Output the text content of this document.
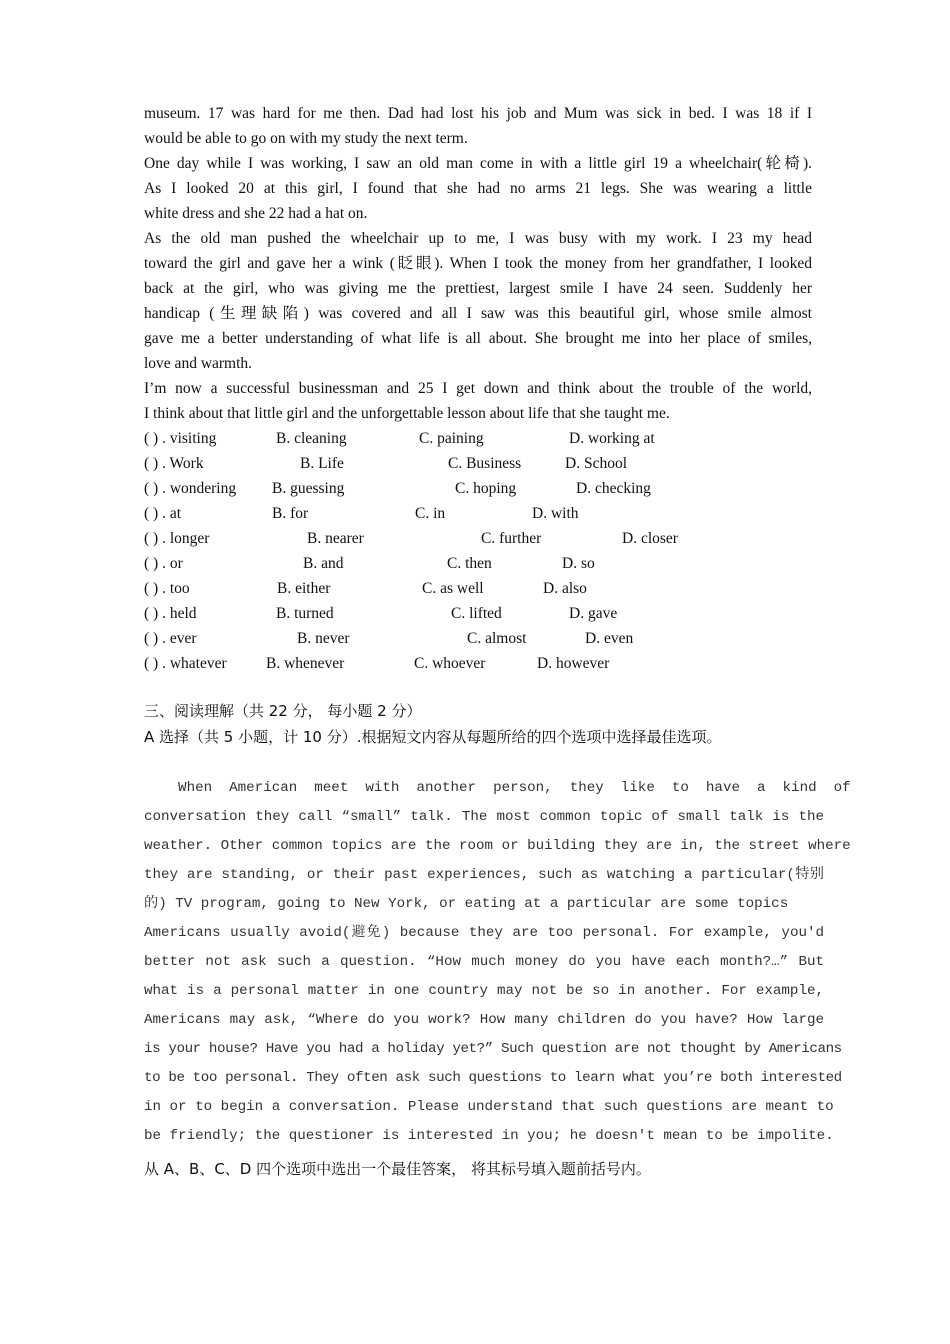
museum. 17 was hard for me then. Dad had lost his job and Mum was sick in bed. I was 18 if I
would be able to go on with my study the next term.
One day while I was working, I saw an old man come in with a little girl 19 a wheelchair(轮椅).
As I looked 20 at this girl, I found that she had no arms 21 legs. She was wearing a little
white dress and she 22 had a hat on.
As the old man pushed the wheelchair up to me, I was busy with my work. I 23 my head
toward the girl and gave her a wink (眨眼). When I took the money from her grandfather, I looked
back at the girl, who was giving me the prettiest, largest smile I have 24 seen. Suddenly her
handicap (生理缺陷) was covered and all I saw was this beautiful girl, whose smile almost
gave me a better understanding of what life is all about. She brought me into her place of smiles,
love and warmth.
I’m now a successful businessman and 25 I get down and think about the trouble of the world,
I think about that little girl and the unforgettable lesson about life that she taught me.
( ) . visiting	B. cleaning	C. paining	D. working at
( ) . Work	B. Life	C. Business	D. School
( ) . wondering B. guessing	C. hoping	D. checking
( ) . at	B. for	C. in	D. with
( ) . longer	B. nearer	C. further	D. closer
( ) . or	B. and	C. then	D. so
( ) . too	B. either	C. as well	D. also
( ) . held	B. turned	C. lifted	D. gave
( ) . ever	B. never	C. almost	D. even
( ) . whatever	B. whenever	C. whoever	D. however
三、阅读理解（共 22 分， 每小题 2 分）
A 选择（共 5 小题，计 10 分）.根据短文内容从每题所给的四个选项中选择最佳选项。
When  American  meet  with  another  person,  they  like  to  have  a  kind  of
conversation they call “small” talk. The most common topic of small talk is the
weather. Other common topics are the room or building they are in, the street where
they are standing, or their past experiences, such as watching a particular(特别
的) TV program, going to New York, or eating at a particular are some topics
Americans usually avoid(避免) because they are too personal. For example, you'd
better not ask such a question. “How much money do you have each month?…” But
what is a personal matter in one country may not be so in another. For example,
Americans may ask, “Where do you work? How many children do you have? How large
is your house? Have you had a holiday yet?” Such question are not thought by Americans
to be too personal. They often ask such questions to learn what you’re both interested
in or to begin a conversation. Please understand that such questions are meant to
be friendly; the questioner is interested in you; he doesn't mean to be impolite.
从 A、B、C、D 四个选项中选出一个最佳答案， 将其标号填入题前括号内。
